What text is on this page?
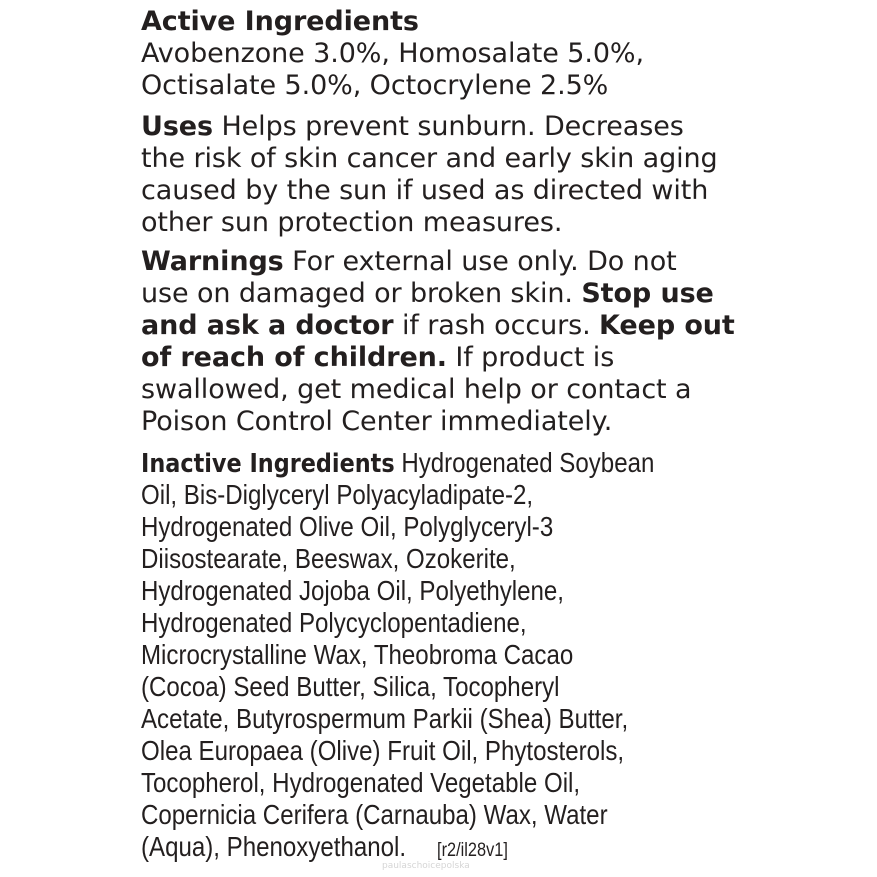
Active Ingredients
Avobenzone 3.0%, Homosalate 5.0%,
Octisalate 5.0%, Octocrylene 2.5%
Uses Helps prevent sunburn. Decreases
the risk of skin cancer and early skin aging
caused by the sun if used as directed with
other sun protection measures.
Warnings For external use only. Do not
use on damaged or broken skin. Stop use
and ask a doctor if rash occurs. Keep out
of reach of children. If product is
swallowed, get medical help or contact a
Poison Control Center immediately.
Inactive Ingredients Hydrogenated Soybean
Oil, Bis-Diglyceryl Polyacyladipate-2,
Hydrogenated Olive Oil, Polyglyceryl-3
Diisostearate, Beeswax, Ozokerite,
Hydrogenated Jojoba Oil, Polyethylene,
Hydrogenated Polycyclopentadiene,
Microcrystalline Wax, Theobroma Cacao
(Cocoa) Seed Butter, Silica, Tocopheryl
Acetate, Butyrospermum Parkii (Shea) Butter,
Olea Europaea (Olive) Fruit Oil, Phytosterols,
Tocopherol, Hydrogenated Vegetable Oil,
Copernicia Cerifera (Carnauba) Wax, Water
(Aqua), Phenoxyethanol. [r2/il28v1]
paulaschoicepolska
